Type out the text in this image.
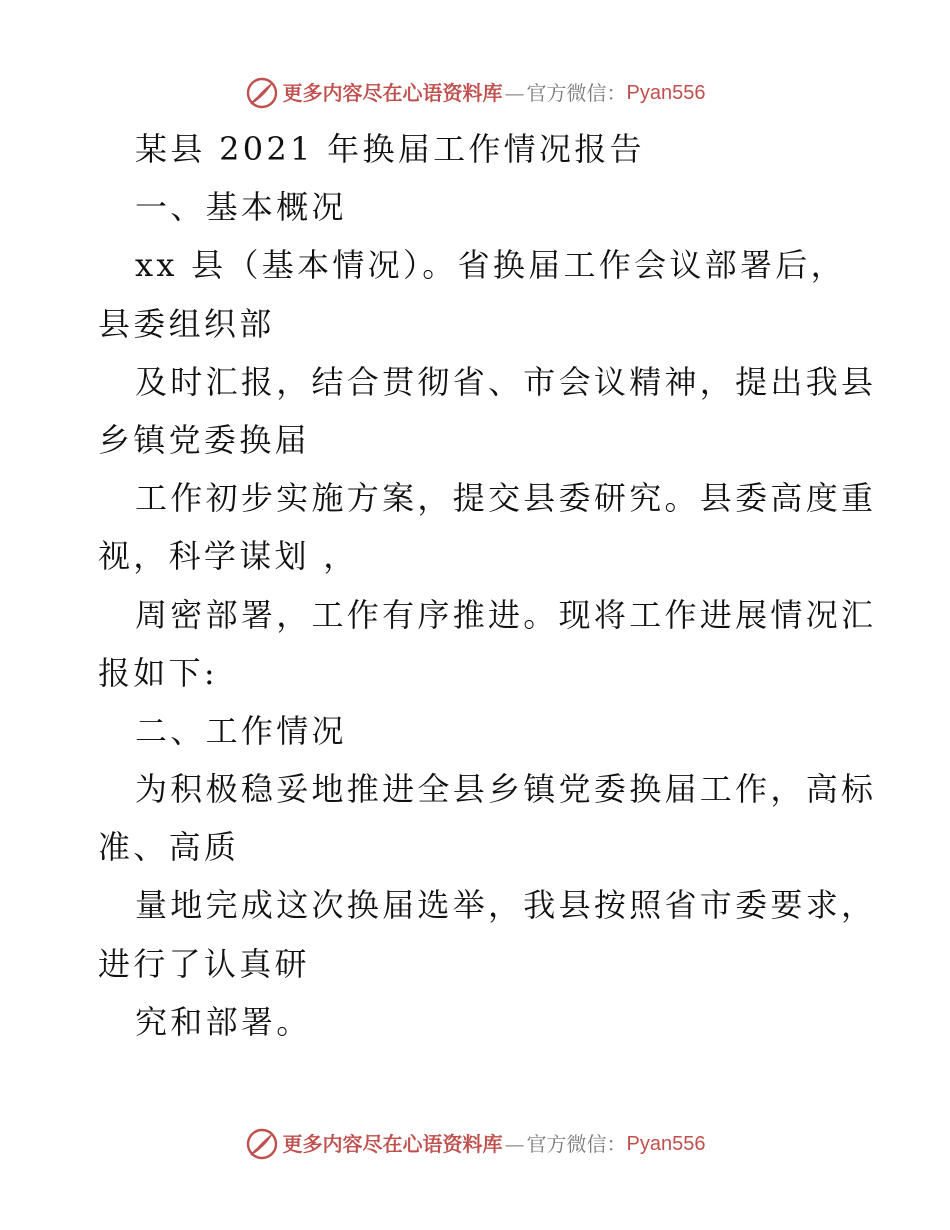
更多内容尽在心语资料库 — 官方微信： Pyan556
某县 2021 年换届工作情况报告
一、基本概况
xx 县（基本情况）。省换届工作会议部署后，
县委组织部
及时汇报，结合贯彻省、市会议精神，提出我县
乡镇党委换届
工作初步实施方案，提交县委研究。县委高度重
视，科学谋划 ，
周密部署，工作有序推进。现将工作进展情况汇
报如下:
二、工作情况
为积极稳妥地推进全县乡镇党委换届工作，高标
准、高质
量地完成这次换届选举，我县按照省市委要求，
进行了认真研
究和部署。
更多内容尽在心语资料库 — 官方微信： Pyan556
